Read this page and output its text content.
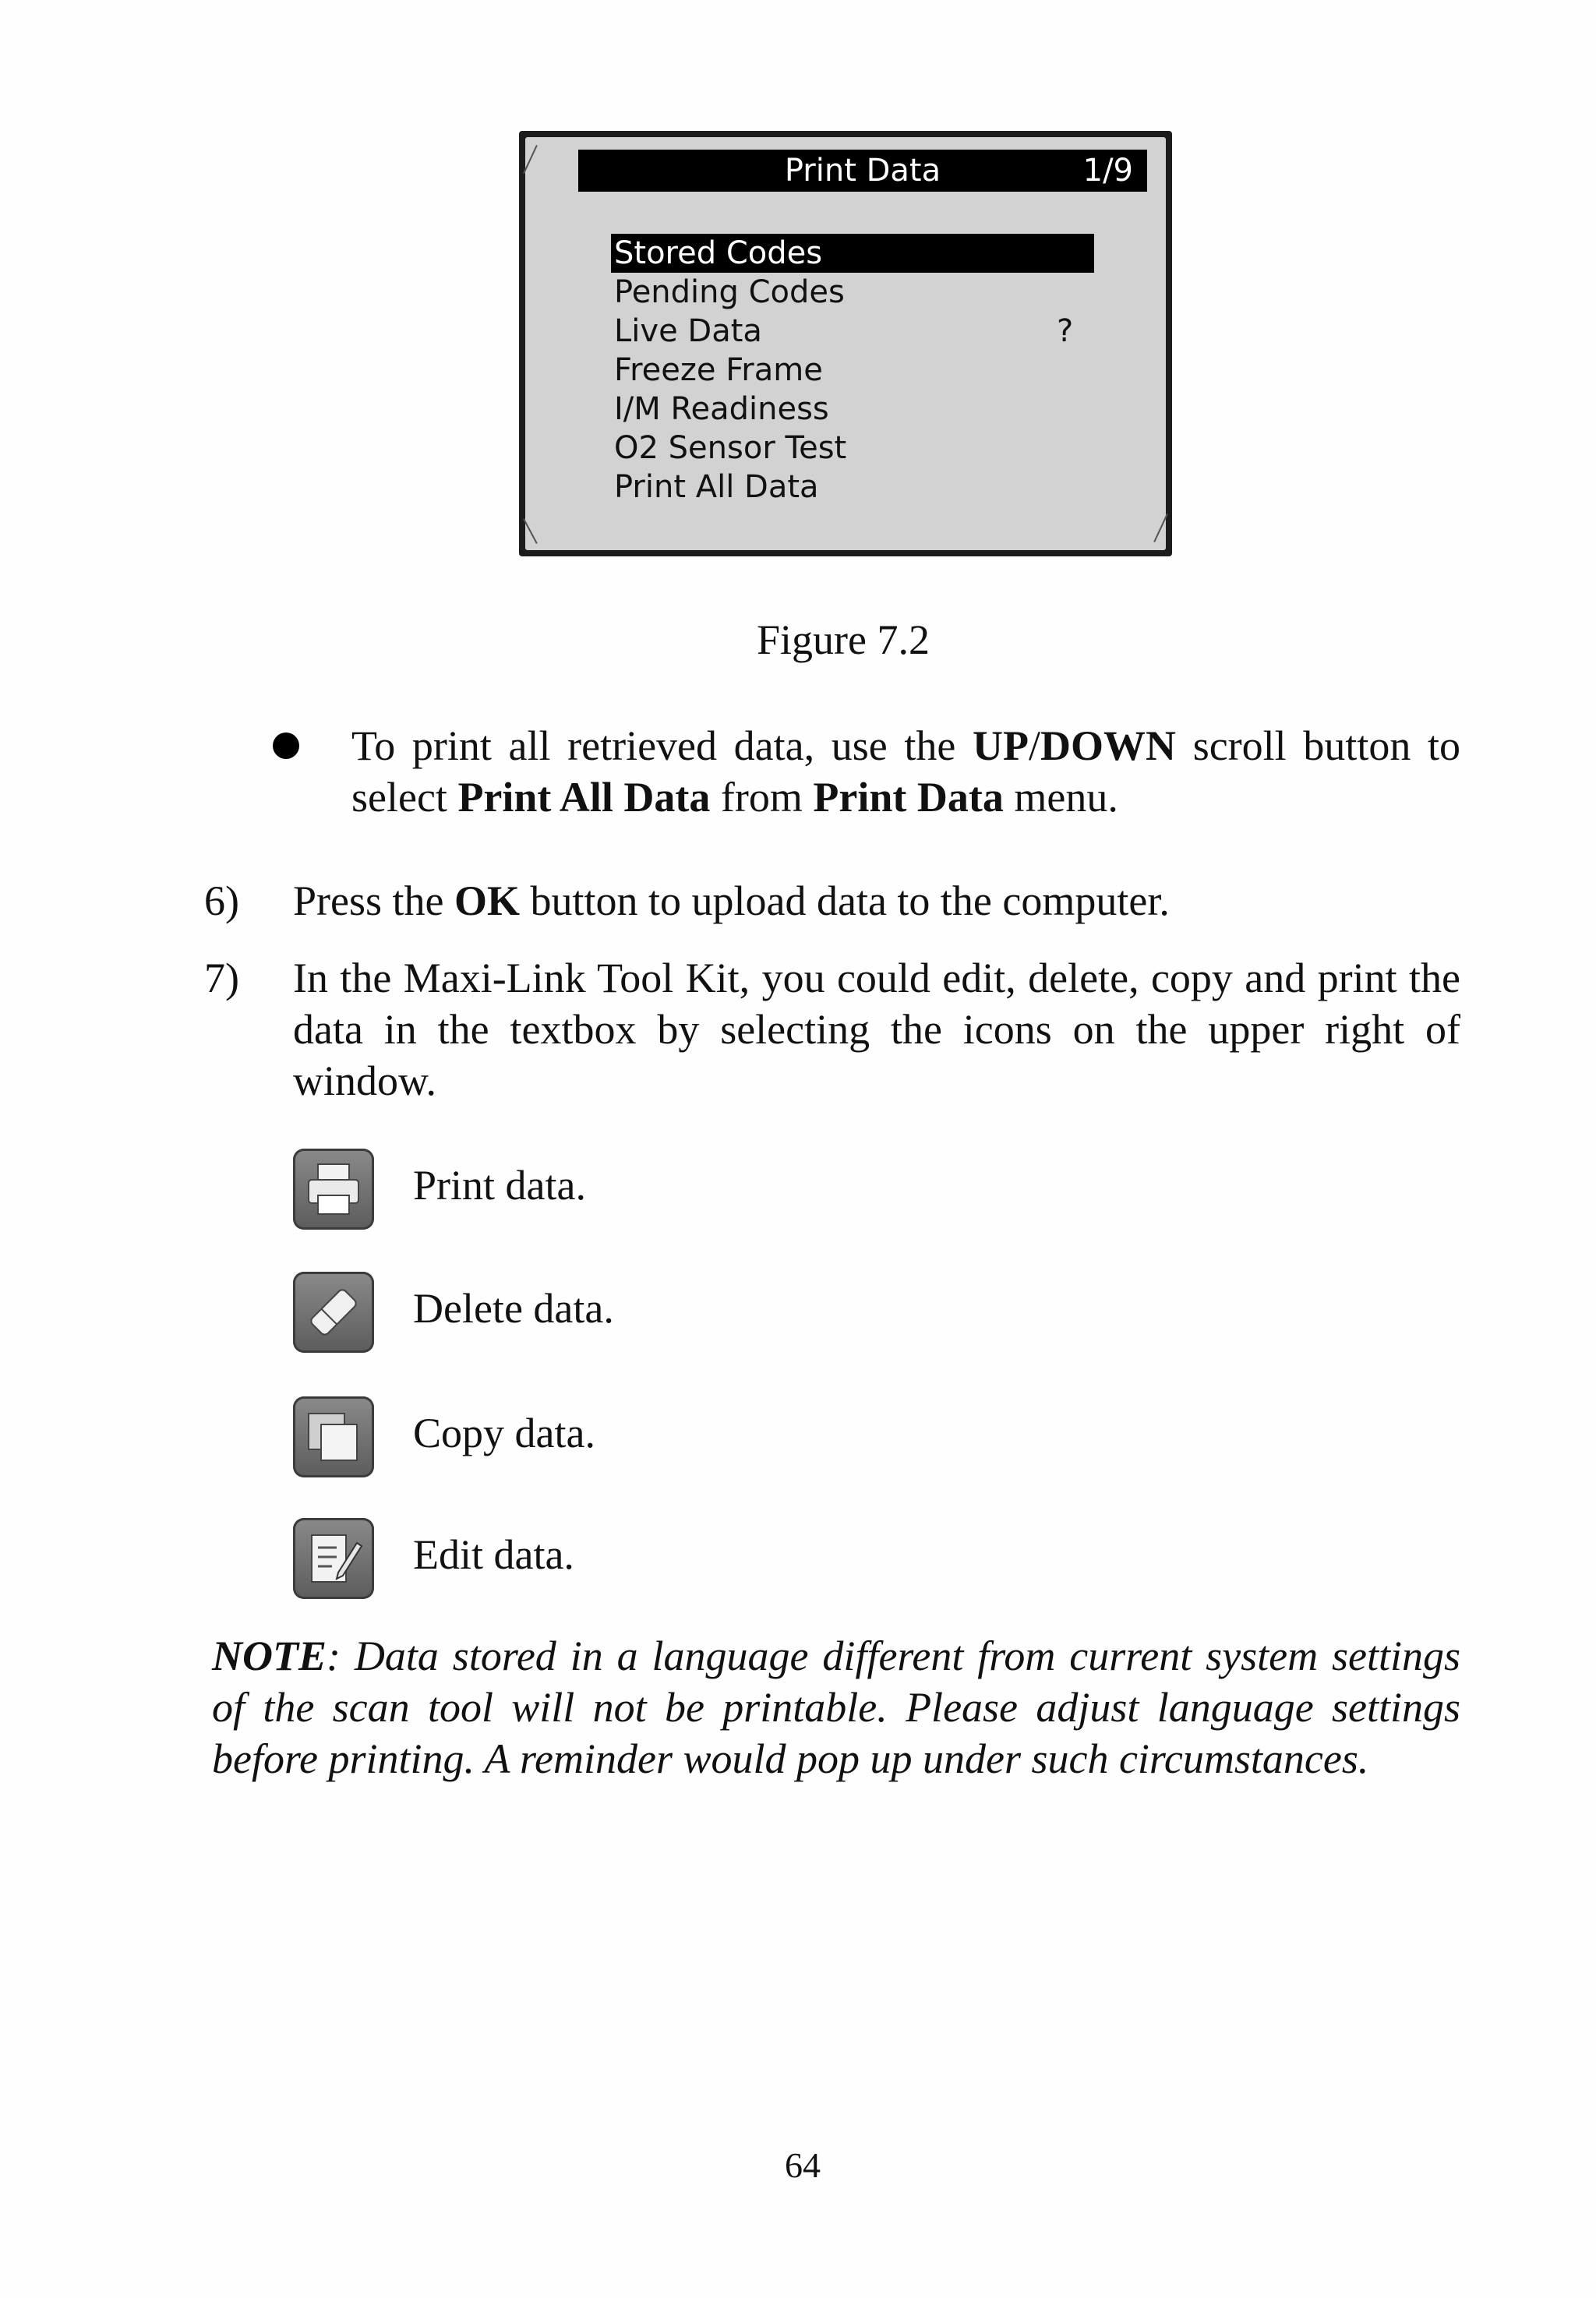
Print Data	1/9
Stored Codes
Pending Codes
Live Data	?
Freeze Frame
I/M Readiness
O2 Sensor Test
Print All Data
Figure 7.2
To print all retrieved data, use the UP/DOWN scroll button to select Print All Data from Print Data menu.
6) Press the OK button to upload data to the computer.
7) In the Maxi-Link Tool Kit, you could edit, delete, copy and print the data in the textbox by selecting the icons on the upper right of window.
Print data.
Delete data.
Copy data.
Edit data.
NOTE: Data stored in a language different from current system settings of the scan tool will not be printable. Please adjust language settings before printing. A reminder would pop up under such circumstances.
64
